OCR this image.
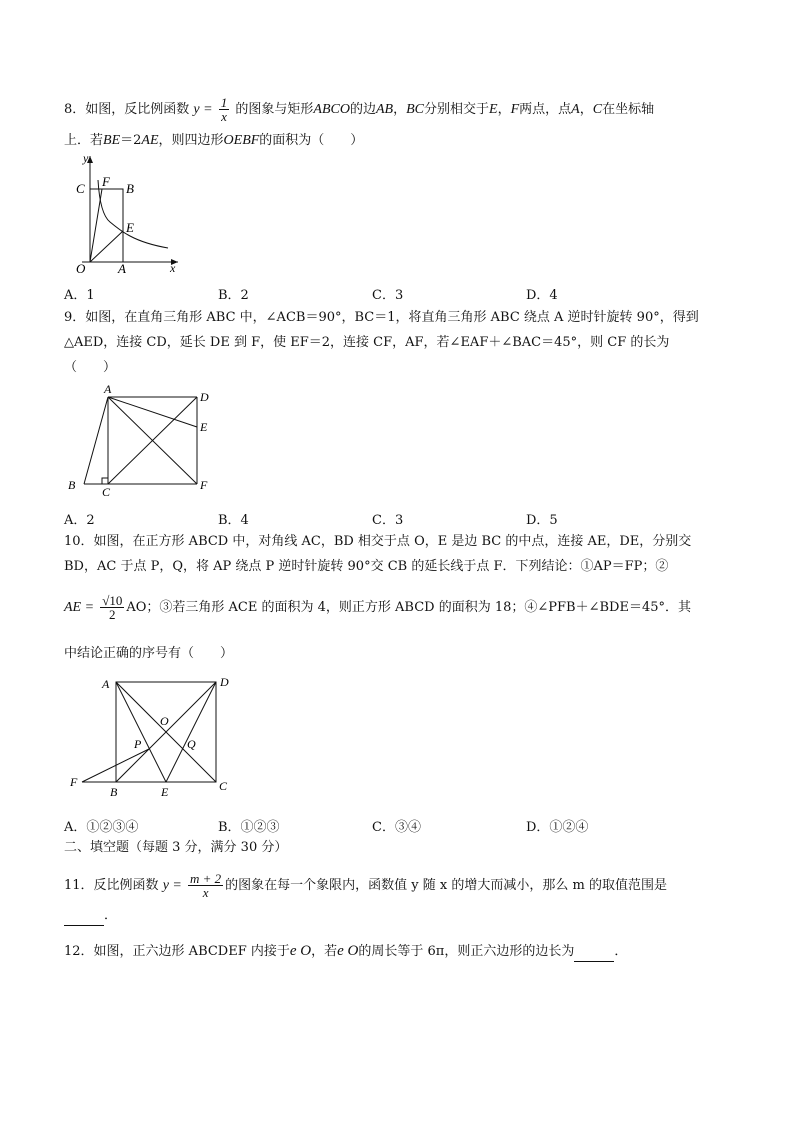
8．如图，反比例函数 $y = \frac{1}{x}$ 的图象与矩形ABCO的边AB，BC分别相交于E，F两点，点A，C在坐标轴
上．若BE＝2AE，则四边形OEBF的面积为（　　）
y
C F B
E
O	A	x
A．1	B．2	C．3	D．4
9．如图，在直角三角形 ABC 中，∠ACB＝90°，BC＝1，将直角三角形 ABC 绕点 A 逆时针旋转 90°，得到
△AED，连接 CD，延长 DE 到 F，使 EF＝2，连接 CF，AF，若∠EAF＋∠BAC＝45°，则 CF 的长为
（　　）
A
D
E
B C	F
A．2	B．4	C．3	D．5
10．如图，在正方形 ABCD 中，对角线 AC，BD 相交于点 O，E 是边 BC 的中点，连接 AE，DE，分别交
BD，AC 于点 P，Q，将 AP 绕点 P 逆时针旋转 90°交 CB 的延长线于点 F．下列结论：①AP＝FP；②
AE = $\frac{√10}{2}$ AO；③若三角形 ACE 的面积为 4，则正方形 ABCD 的面积为 18；④∠PFB＋∠BDE＝45°．其
中结论正确的序号有（　　）
A	D
O
P	Q
F
B	E	C
A．①②③④	B．①②③	C．③④	D．①②④
二、填空题（每题 3 分，满分 30 分）
11．反比例函数 $y = \frac{m + 2}{x}$ 的图象在每一个象限内，函数值 y 随 x 的增大而减小，那么 m 的取值范围是
．
12．如图，正六边形 ABCDEF 内接于e O，若e O的周长等于 6π，则正六边形的边长为	．
